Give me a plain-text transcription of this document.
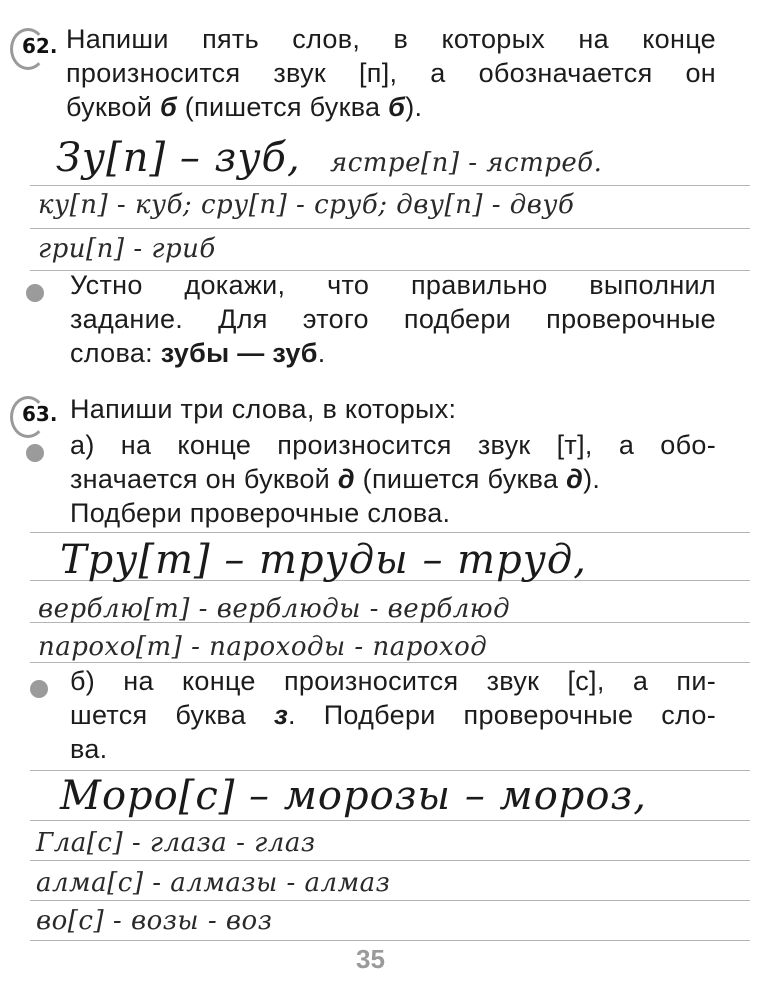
62. Напиши пять слов, в которых на конце
произносится звук [п], а обозначается он
буквой б (пишется буква б).
Зу[п] – зуб, ястре[п] - ястреб.
ку[п] - куб; сру[п] - сруб; дву[п] - двуб
гри[п] - гриб
Устно докажи, что правильно выполнил
задание. Для этого подбери проверочные
слова: зубы — зуб.
63. Напиши три слова, в которых:
а) на конце произносится звук [т], а обо-
значается он буквой д (пишется буква д).
Подбери проверочные слова.
Тру[т] – труды – труд,
верблю[т] - верблюды - верблюд
парохо[т] - пароходы - пароход
б) на конце произносится звук [с], а пи-
шется буква з. Подбери проверочные сло-
ва.
Моро[с] – морозы – мороз,
Гла[с] - глаза - глаз
алма[с] - алмазы - алмаз
во[с] - возы - воз
35
